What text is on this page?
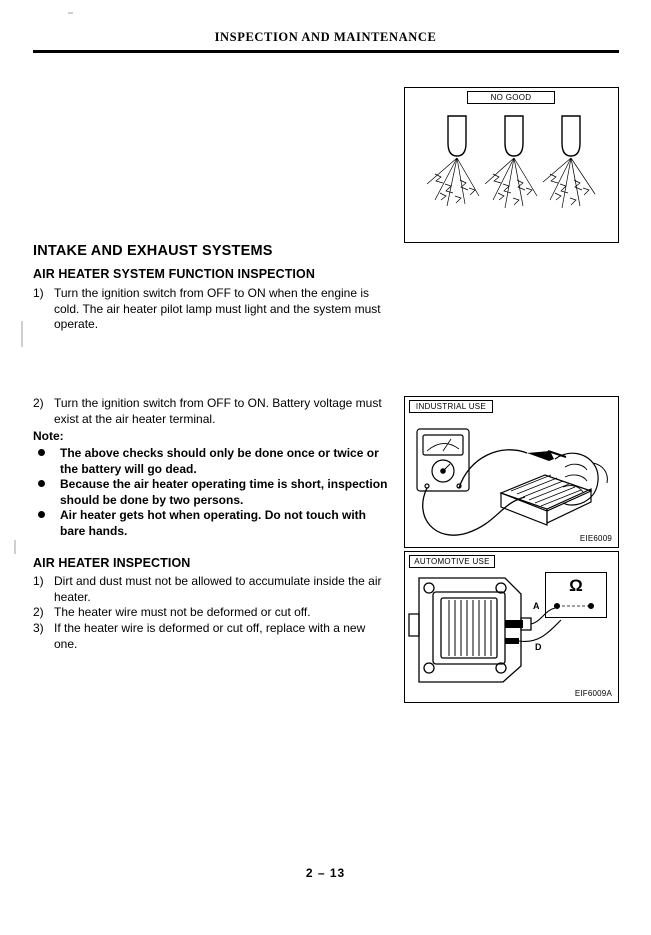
INSPECTION AND MAINTENANCE
NO GOOD
INTAKE AND EXHAUST SYSTEMS
AIR HEATER SYSTEM FUNCTION INSPECTION
1) Turn the ignition switch from OFF to ON when the engine is cold. The air heater pilot lamp must light and the system must operate.
2) Turn the ignition switch from OFF to ON. Battery voltage must exist at the air heater terminal.
Note:
The above checks should only be done once or twice or the battery will go dead.
Because the air heater operating time is short, inspection should be done by two persons.
Air heater gets hot when operating. Do not touch with bare hands.
AIR HEATER INSPECTION
1) Dirt and dust must not be allowed to accumulate inside the air heater.
2) The heater wire must not be deformed or cut off.
3) If the heater wire is deformed or cut off, replace with a new one.
INDUSTRIAL USE
EIE6009
AUTOMOTIVE USE
EIF6009A
Ω
A
D
2 – 13
